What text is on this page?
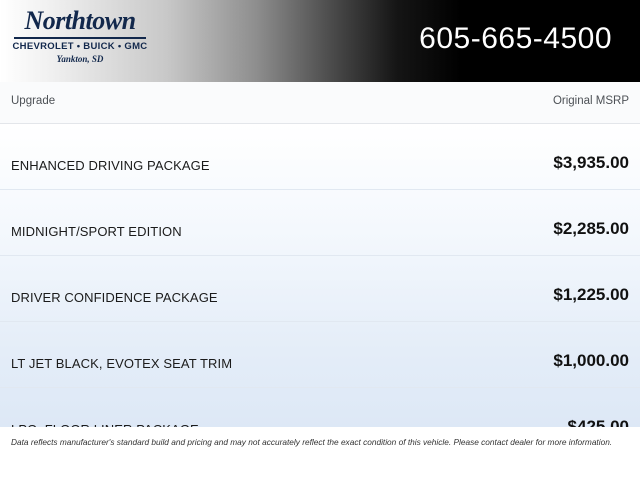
Northtown
CHEVROLET • BUICK • GMC
Yankton, SD
605-665-4500
Upgrade	Original MSRP
ENHANCED DRIVING PACKAGE	$3,935.00
MIDNIGHT/SPORT EDITION	$2,285.00
DRIVER CONFIDENCE PACKAGE	$1,225.00
LT JET BLACK, EVOTEX SEAT TRIM	$1,000.00
Data reflects manufacturer's standard build and pricing and may not accurately reflect the exact condition of this vehicle. Please contact dealer for more information.
